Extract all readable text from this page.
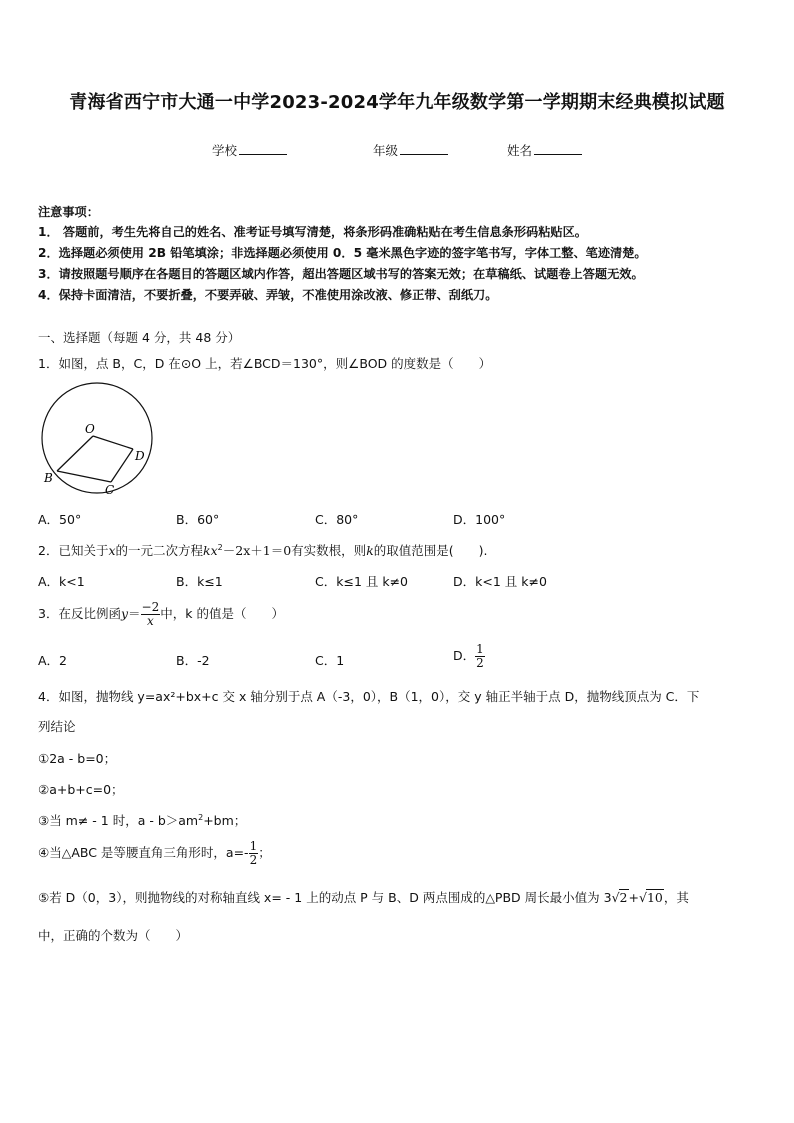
青海省西宁市大通一中学2023-2024学年九年级数学第一学期期末经典模拟试题
学校	年级	姓名
注意事项：
1． 答题前，考生先将自己的姓名、准考证号填写清楚，将条形码准确粘贴在考生信息条形码粘贴区。
2．选择题必须使用 2B 铅笔填涂；非选择题必须使用 0．5 毫米黑色字迹的签字笔书写，字体工整、笔迹清楚。
3．请按照题号顺序在各题目的答题区域内作答，超出答题区域书写的答案无效；在草稿纸、试题卷上答题无效。
4．保持卡面清洁，不要折叠，不要弄破、弄皱，不准使用涂改液、修正带、刮纸刀。
一、选择题（每题 4 分，共 48 分）
1．如图，点 B，C，D 在⊙O 上，若∠BCD＝130°，则∠BOD 的度数是（　　）
O
B
C
D
A．50°	B．60°	C．80°	D．100°
2．已知关于x的一元二次方程$kx^2-2x+1=0$有实数根，则k的取值范围是(　　).
A．k<1	B．k≤1	C．k≤1 且 k≠0	D．k<1 且 k≠0
3．在反比例函$y= \frac{-2}{x}$ 中，k 的值是（　　）
A．2	B．-2	C．1	D． $\frac{1}{2}$
4．如图，抛物线 y=ax²+bx+c 交 x 轴分别于点 A（-3，0），B（1，0），交 y 轴正半轴于点 D，抛物线顶点为 C．下
列结论
①2a - b=0；
②a+b+c=0；
③当 m≠ - 1 时，$a - b>am^2+bm$；
④当△ABC 是等腰直角三角形时，$a=- \frac{1}{2}$ ；
⑤若 D（0，3），则抛物线的对称轴直线 x= - 1 上的动点 P 与 B、D 两点围成的△PBD 周长最小值为 3√2+√10，其
中，正确的个数为（　　）
